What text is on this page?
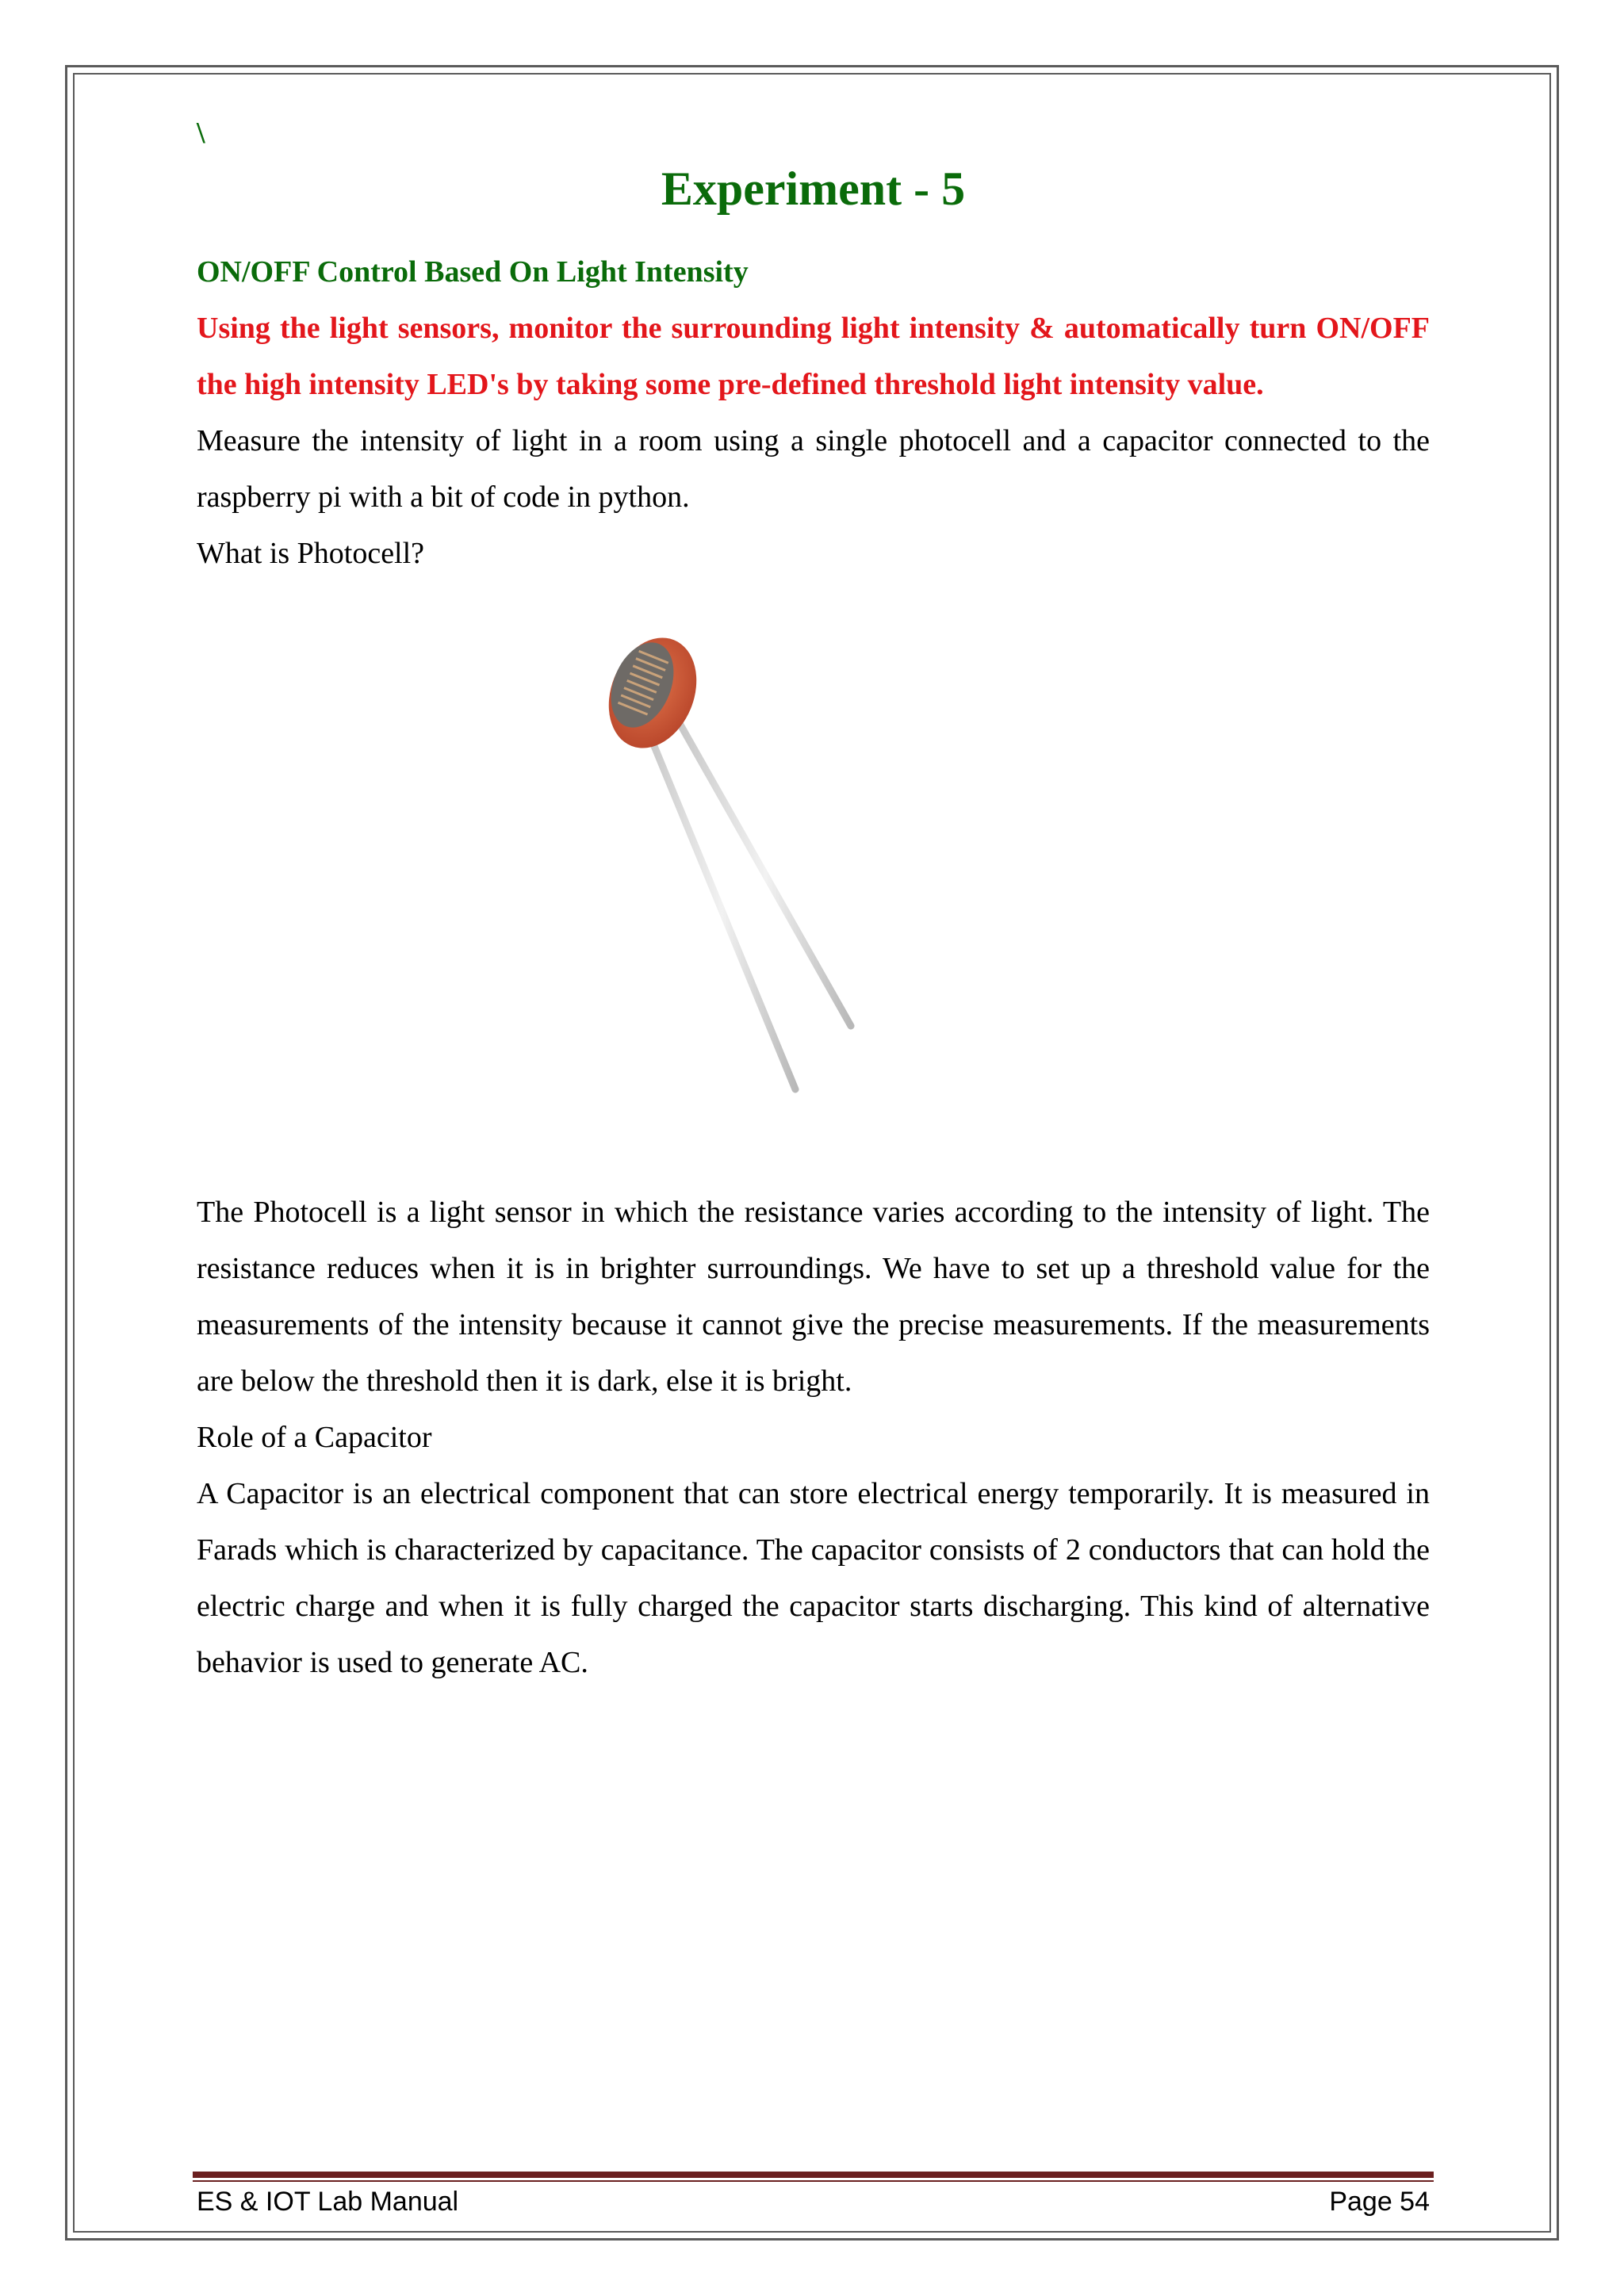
\
Experiment - 5
ON/OFF Control Based On Light Intensity
Using the light sensors, monitor the surrounding light intensity & automatically turn ON/OFF the high intensity LED's by taking some pre-defined threshold light intensity value.
Measure the intensity of light in a room using a single photocell and a capacitor connected to the raspberry pi with a bit of code in python.
What is Photocell?
The Photocell is a light sensor in which the resistance varies according to the intensity of light. The resistance reduces when it is in brighter surroundings. We have to set up a threshold value for the measurements of the intensity because it cannot give the precise measurements. If the measurements are below the threshold then it is dark, else it is bright.
Role of a Capacitor
A Capacitor is an electrical component that can store electrical energy temporarily. It is measured in Farads which is characterized by capacitance. The capacitor consists of 2 conductors that can hold the electric charge and when it is fully charged the capacitor starts discharging. This kind of alternative behavior is used to generate AC.
ES & IOT Lab Manual	Page 54
